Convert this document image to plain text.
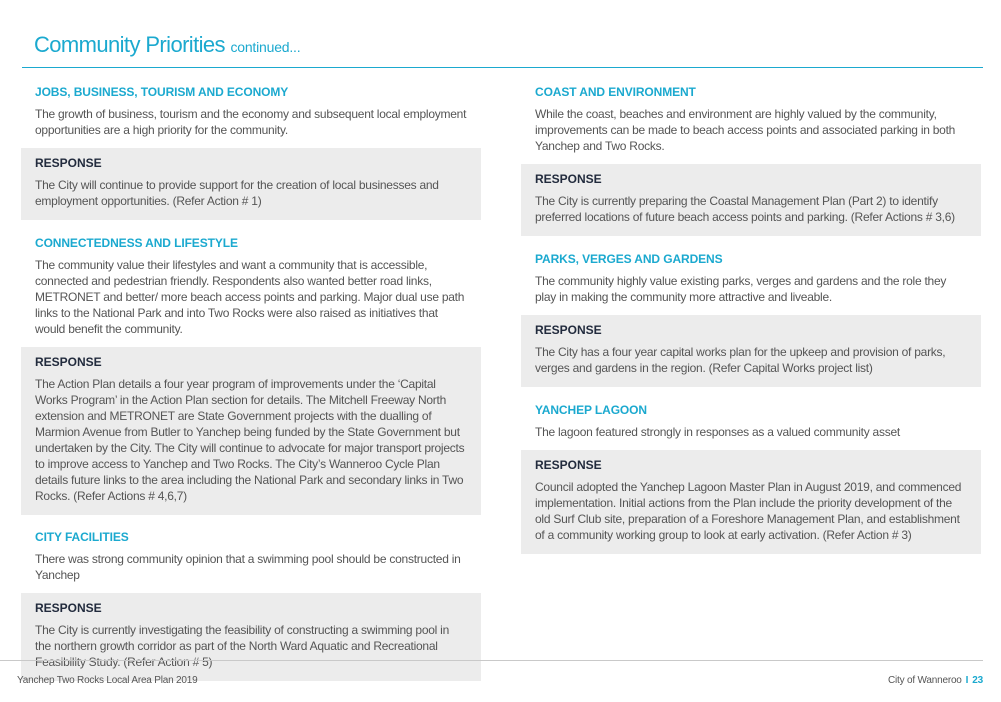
Community Priorities continued...
JOBS, BUSINESS, TOURISM AND ECONOMY

The growth of business, tourism and the economy and subsequent local employment opportunities are a high priority for the community.

RESPONSE

The City will continue to provide support for the creation of local businesses and employment opportunities. (Refer Action # 1)

CONNECTEDNESS AND LIFESTYLE

The community value their lifestyles and want a community that is accessible, connected and pedestrian friendly. Respondents also wanted better road links, METRONET and better/ more beach access points and parking. Major dual use path links to the National Park and into Two Rocks were also raised as initiatives that would benefit the community.

RESPONSE

The Action Plan details a four year program of improvements under the ‘Capital Works Program’ in the Action Plan section for details. The Mitchell Freeway North extension and METRONET are State Government projects with the dualling of Marmion Avenue from Butler to Yanchep being funded by the State Government but undertaken by the City. The City will continue to advocate for major transport projects to improve access to Yanchep and Two Rocks. The City’s Wanneroo Cycle Plan details future links to the area including the National Park and secondary links in Two Rocks. (Refer Actions # 4,6,7)

CITY FACILITIES

There was strong community opinion that a swimming pool should be constructed in Yanchep

RESPONSE

The City is currently investigating the feasibility of constructing a swimming pool in the northern growth corridor as part of the North Ward Aquatic and Recreational Feasibility Study. (Refer Action # 5)

COAST AND ENVIRONMENT

While the coast, beaches and environment are highly valued by the community, improvements can be made to beach access points and associated parking in both Yanchep and Two Rocks.

RESPONSE

The City is currently preparing the Coastal Management Plan (Part 2) to identify preferred locations of future beach access points and parking. (Refer Actions # 3,6)

PARKS, VERGES AND GARDENS

The community highly value existing parks, verges and gardens and the role they play in making the community more attractive and liveable.

RESPONSE

The City has a four year capital works plan for the upkeep and provision of parks, verges and gardens in the region. (Refer Capital Works project list)

YANCHEP LAGOON

The lagoon featured strongly in responses as a valued community asset

RESPONSE

Council adopted the Yanchep Lagoon Master Plan in August 2019, and commenced implementation. Initial actions from the Plan include the priority development of the old Surf Club site, preparation of a Foreshore Management Plan, and establishment of a community working group to look at early activation. (Refer Action # 3)

Yanchep Two Rocks Local Area Plan 2019	City of Wanneroo I 23
